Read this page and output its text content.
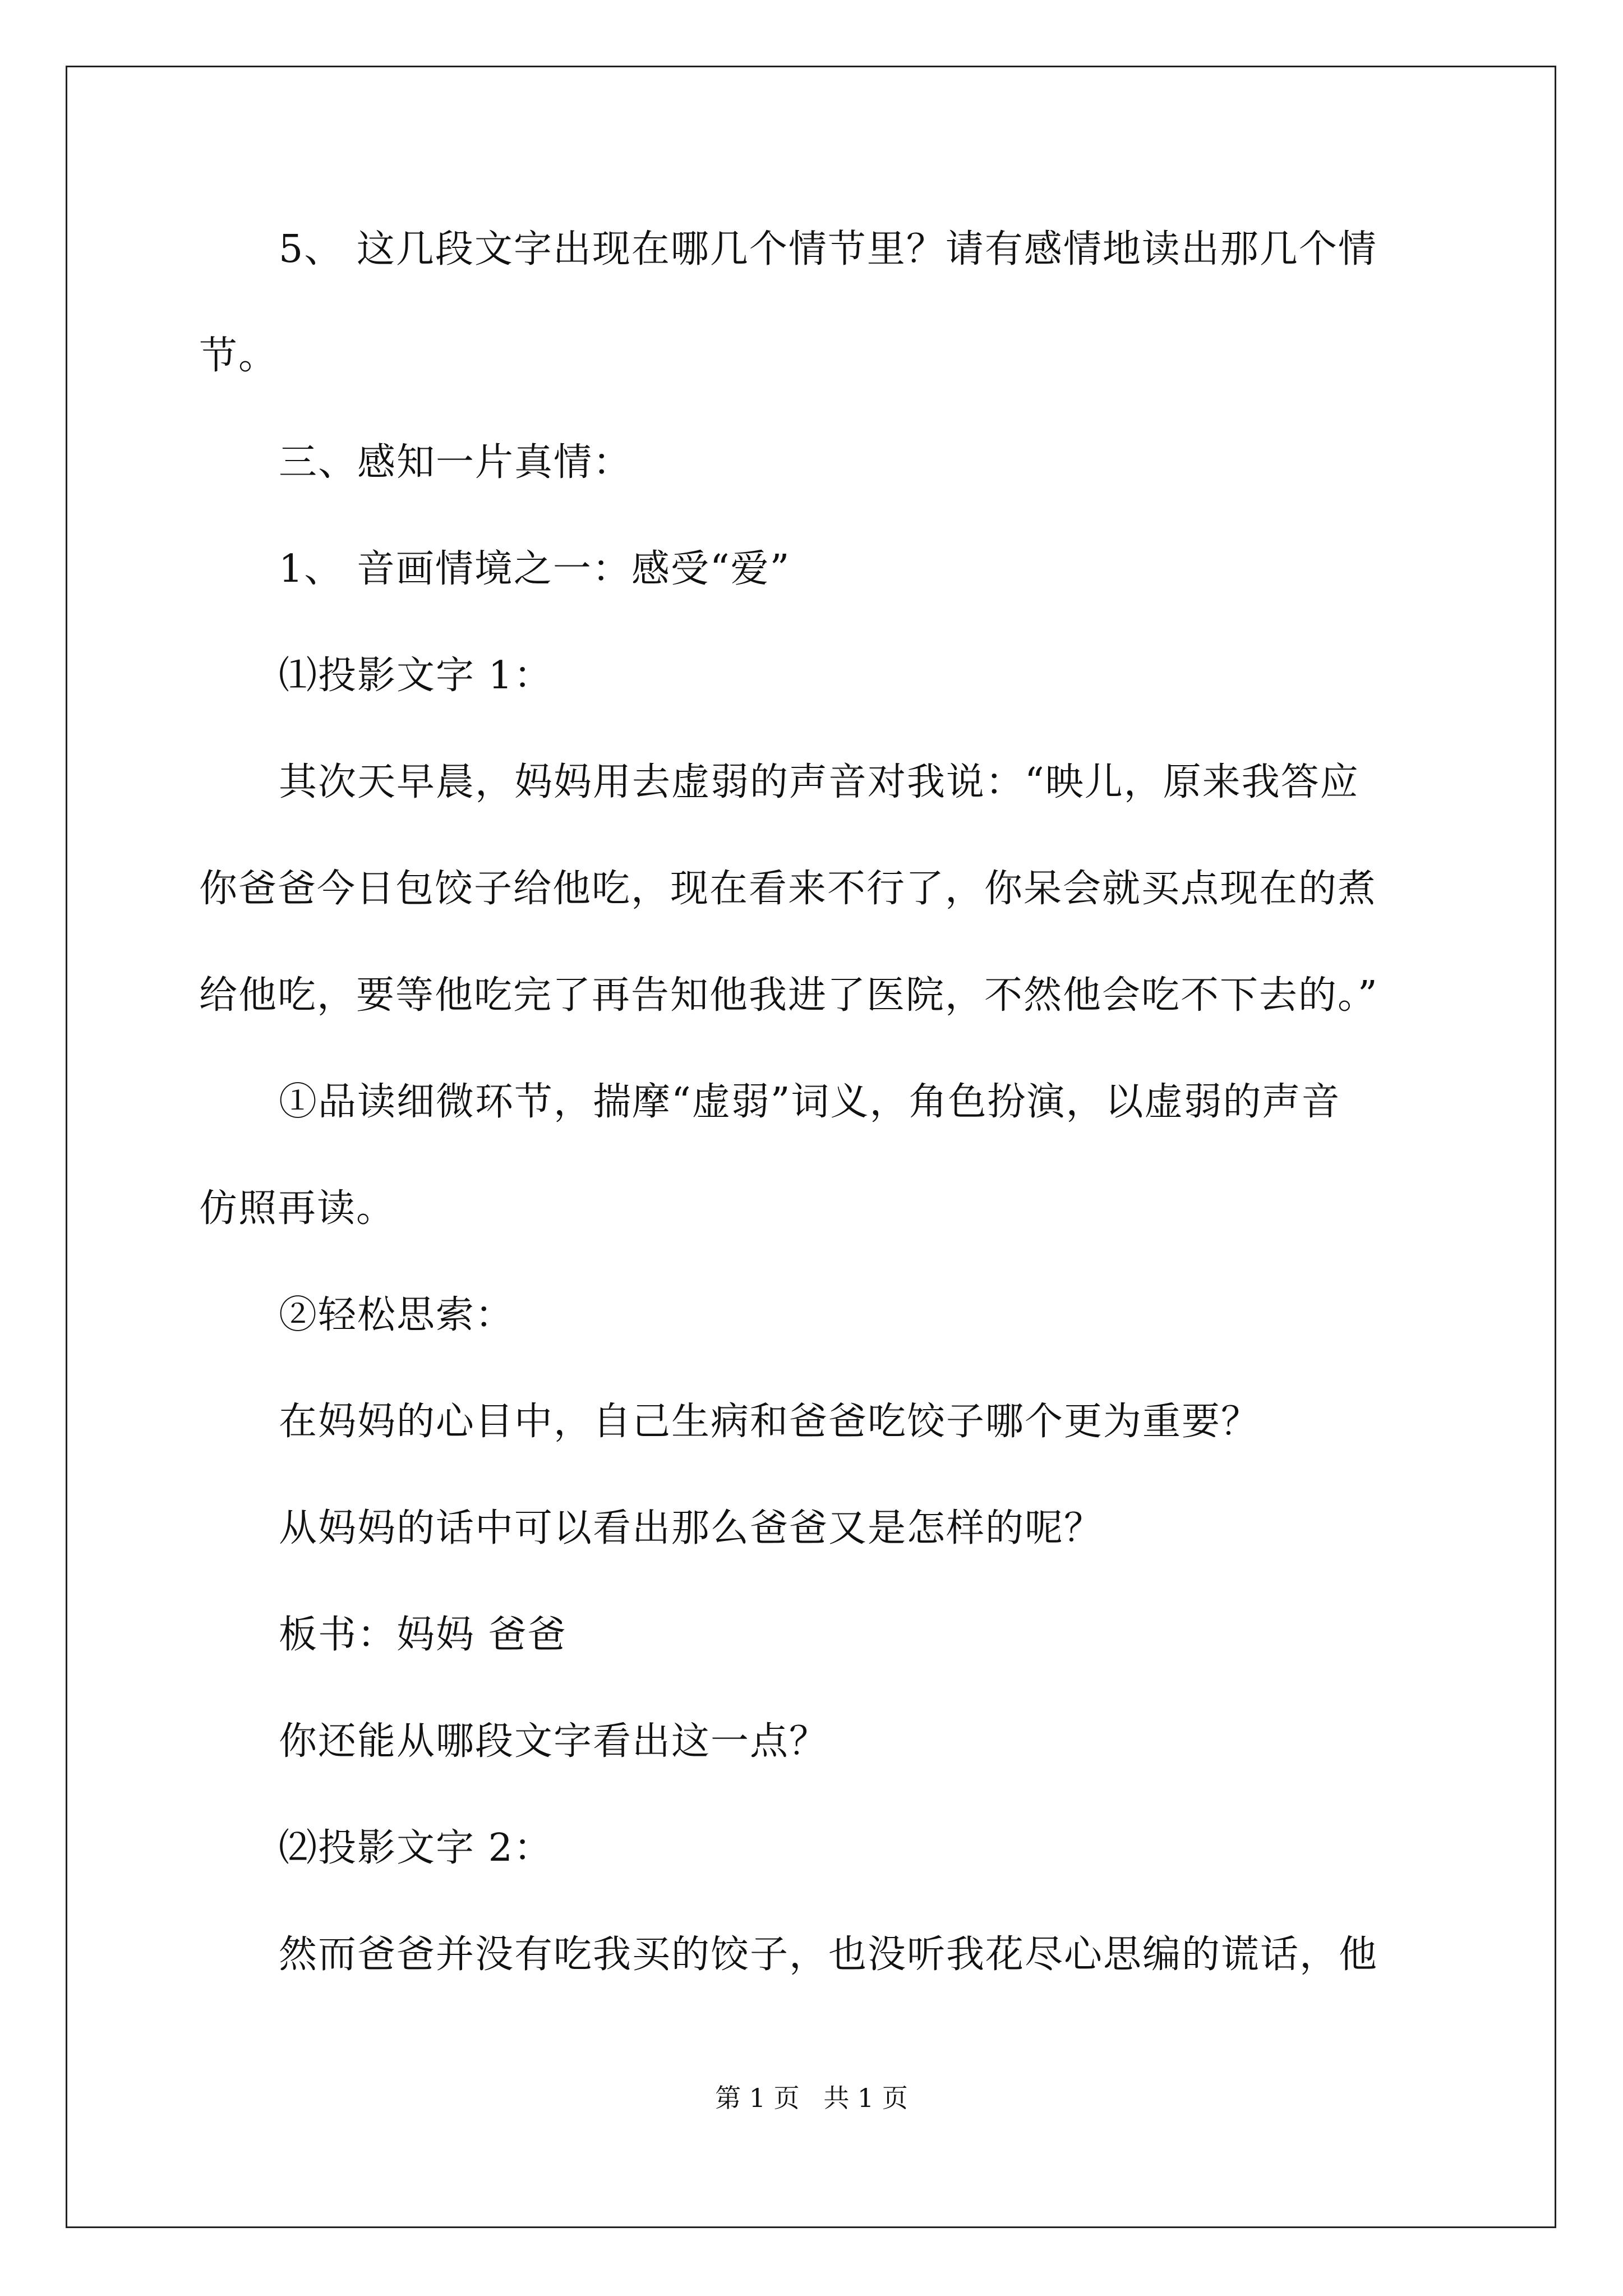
5、 这几段文字出现在哪几个情节里？请有感情地读出那几个情
节。
三、感知一片真情：
1、 音画情境之一：感受“爱”
⑴投影文字 1：
其次天早晨，妈妈用去虚弱的声音对我说：“映儿，原来我答应
你爸爸今日包饺子给他吃，现在看来不行了，你呆会就买点现在的煮
给他吃，要等他吃完了再告知他我进了医院，不然他会吃不下去的。”
①品读细微环节，揣摩“虚弱”词义，角色扮演，以虚弱的声音
仿照再读。
②轻松思索：
在妈妈的心目中，自己生病和爸爸吃饺子哪个更为重要？
从妈妈的话中可以看出那么爸爸又是怎样的呢？
板书：妈妈 爸爸
你还能从哪段文字看出这一点？
⑵投影文字 2：
然而爸爸并没有吃我买的饺子，也没听我花尽心思编的谎话，他
第 1 页 共 1 页
